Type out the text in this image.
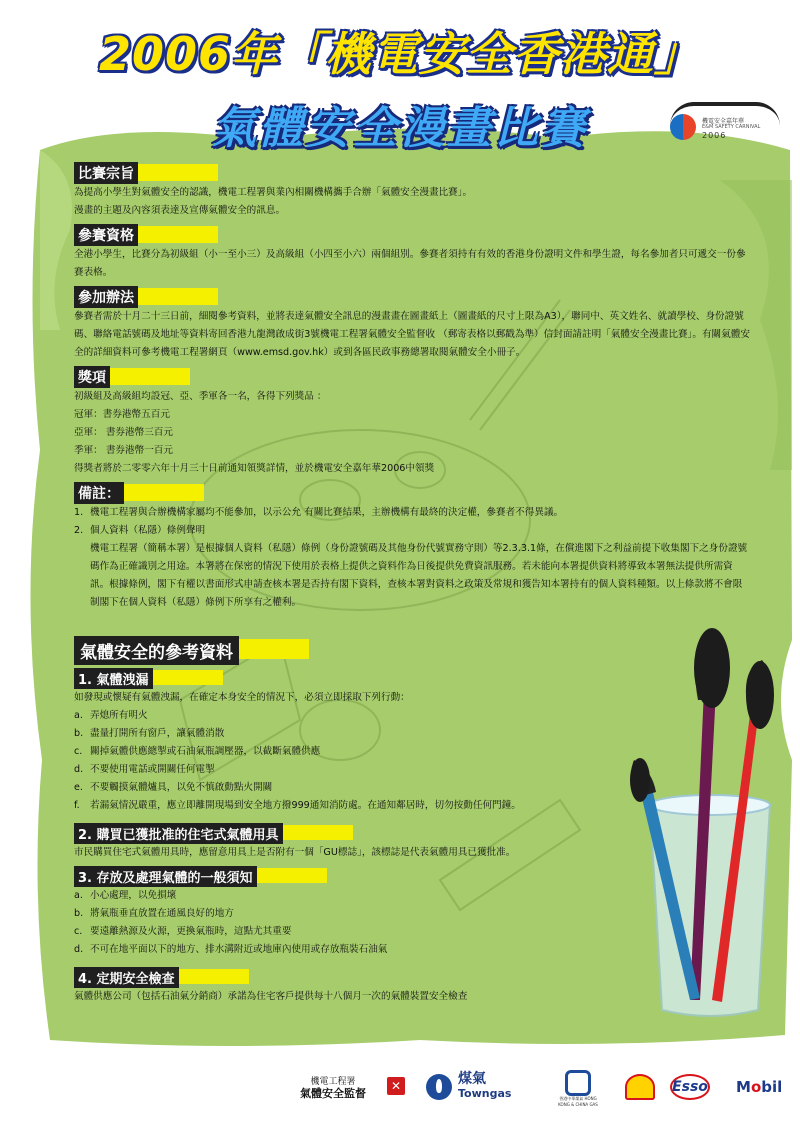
2006年「機電安全香港通」
氣體安全漫畫比賽	機電安全嘉年華
E&M SAFETY CARNIVAL
2006
比賽宗旨

為提高小學生對氣體安全的認識，機電工程署與業內相關機構攜手合辦「氣體安全漫畫比賽」。

漫畫的主題及內容須表達及宣傳氣體安全的訊息。

參賽資格

全港小學生，比賽分為初級組（小一至小三）及高級組（小四至小六）兩個組別。參賽者須持有有效的香港身份證明文件和學生證，每名參加者只可遞交一份參賽表格。

參加辦法

參賽者需於十月二十三日前，細閱參考資料，並將表達氣體安全訊息的漫畫畫在圖畫紙上（圖畫紙的尺寸上限為A3），聯同中、英文姓名、就讀學校、身份證號碼、聯絡電話號碼及地址等資料寄回香港九龍灣啟成街3號機電工程署氣體安全監督收 （郵寄表格以郵戳為準）信封面請註明「氣體安全漫畫比賽」。有關氣體安全的詳細資料可參考機電工程署網頁（www.emsd.gov.hk）或到各區民政事務總署取閱氣體安全小冊子。

獎項

初級組及高級組均設冠、亞、季軍各一名，各得下列獎品 ：

冠軍：書券港幣五百元

亞軍： 書券港幣三百元

季軍： 書券港幣一百元

得獎者將於二零零六年十月三十日前通知領獎詳情，並於機電安全嘉年華2006中領獎

備註：
1. 機電工程署與合辦機構家屬均不能參加，以示公允 有關比賽結果，主辦機構有最終的決定權，參賽者不得異議。
2. 個人資料（私隱）條例聲明
機電工程署（簡稱本署）是根據個人資料（私隱）條例（身份證號碼及其他身份代號實務守則）等2.3.3.1條，在償進閣下之利益前提下收集閣下之身份證號碼作為正確識別之用途。本署將在保密的情況下使用於表格上提供之資料作為日後提供免費資訊服務。若未能向本署提供資料將導致本署無法提供所需資訊。根據條例，閣下有權以書面形式申請查核本署是否持有閣下資料，查核本署對資料之政策及常規和獲告知本署持有的個人資料種類。以上條款將不會限制閣下在個人資料（私隱）條例下所享有之權利。
氣體安全的參考資料
1. 氣體洩漏

如發現或懷疑有氣體洩漏，在確定本身安全的情況下，必須立即採取下列行動：

a. 弄熄所有明火
b. 盡量打開所有窗戶，讓氣體消散
c. 關掉氣體供應總掣或石油氣瓶調壓器，以截斷氣體供應
d. 不要使用電話或開關任何電掣
e. 不要觸摸氣體爐具，以免不慎啟動點火開關
f.	若漏氣情況嚴重，應立即離開現場到安全地方撥999通知消防處。在通知鄰居時，切勿按動任何門鐘。
2. 購買已獲批准的住宅式氣體用具

市民購買住宅式氣體用具時，應留意用具上是否附有一個「GU標誌」，該標誌是代表氣體用具已獲批准。

3. 存放及處理氣體的一般須知
a. 小心處理，以免損壞
b. 將氣瓶垂直放置在通風良好的地方
c. 要遠離熱源及火源，更換氣瓶時，這點尤其重要
d. 不可在地平面以下的地方、排水溝附近或地庫內使用或存放瓶裝石油氣
4. 定期安全檢查

氣體供應公司（包括石油氣分銷商）承諾為住宅客戶提供每十八個月一次的氣體裝置安全檢查

機電工程署
氣體安全監督
✕	煤氣
Towngas	香港中華煤氣 HONG KONG & CHINA GAS
Esso Mobil
